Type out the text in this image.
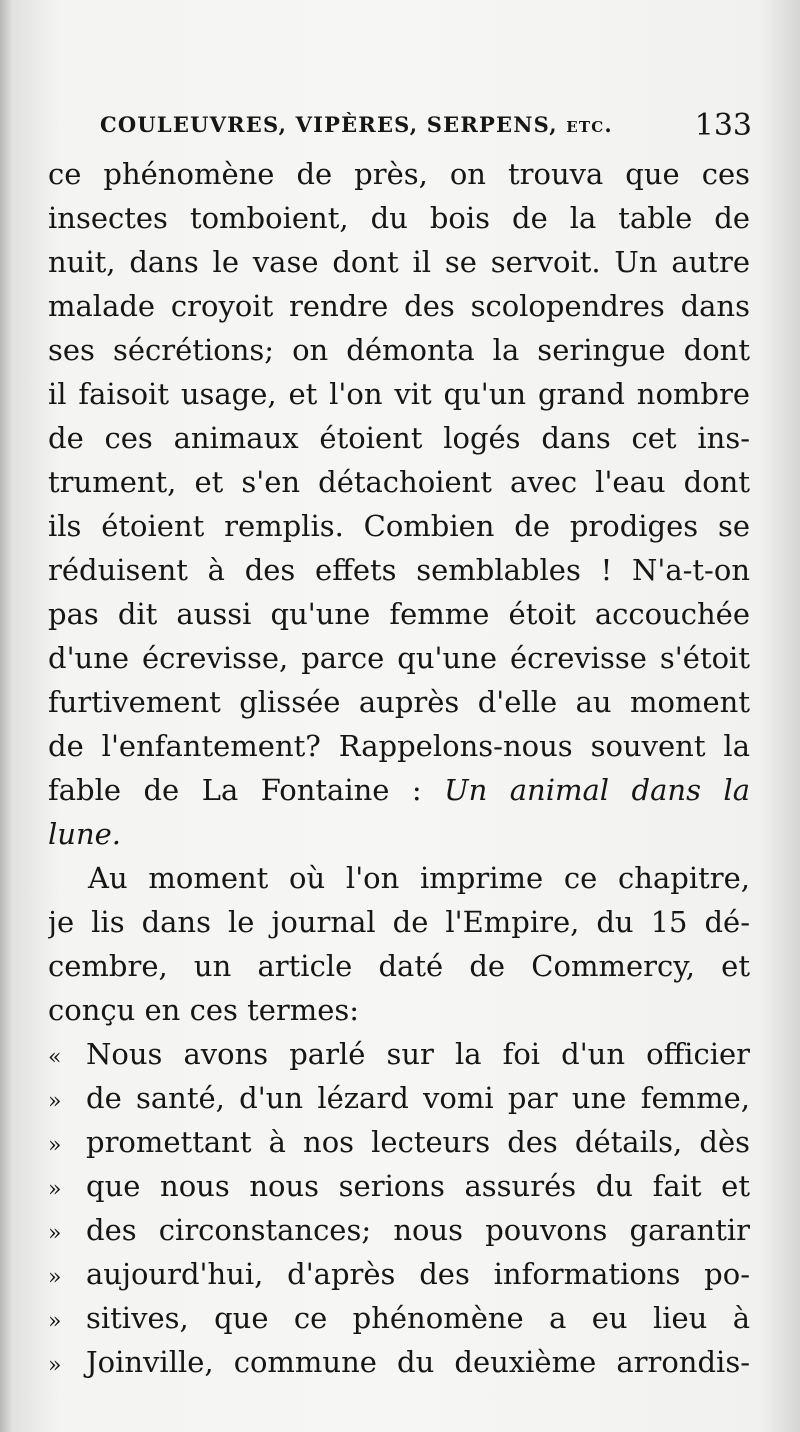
COULEUVRES, VIPÈRES, SERPENS, etc.	133
ce phénomène de près, on trouva que ces
insectes tomboient, du bois de la table de
nuit, dans le vase dont il se servoit. Un autre
malade croyoit rendre des scolopendres dans
ses sécrétions; on démonta la seringue dont
il faisoit usage, et l'on vit qu'un grand nombre
de ces animaux étoient logés dans cet ins-
trument, et s'en détachoient avec l'eau dont
ils étoient remplis. Combien de prodiges se
réduisent à des effets semblables ! N'a-t-on
pas dit aussi qu'une femme étoit accouchée
d'une écrevisse, parce qu'une écrevisse s'étoit
furtivement glissée auprès d'elle au moment
de l'enfantement? Rappelons-nous souvent la
fable de La Fontaine : Un animal dans la
lune.
Au moment où l'on imprime ce chapitre,
je lis dans le journal de l'Empire, du 15 dé-
cembre, un article daté de Commercy, et
conçu en ces termes:
« Nous avons parlé sur la foi d'un officier
» de santé, d'un lézard vomi par une femme,
» promettant à nos lecteurs des détails, dès
» que nous nous serions assurés du fait et
» des circonstances; nous pouvons garantir
» aujourd'hui, d'après des informations po-
» sitives, que ce phénomène a eu lieu à
» Joinville, commune du deuxième arrondis-
